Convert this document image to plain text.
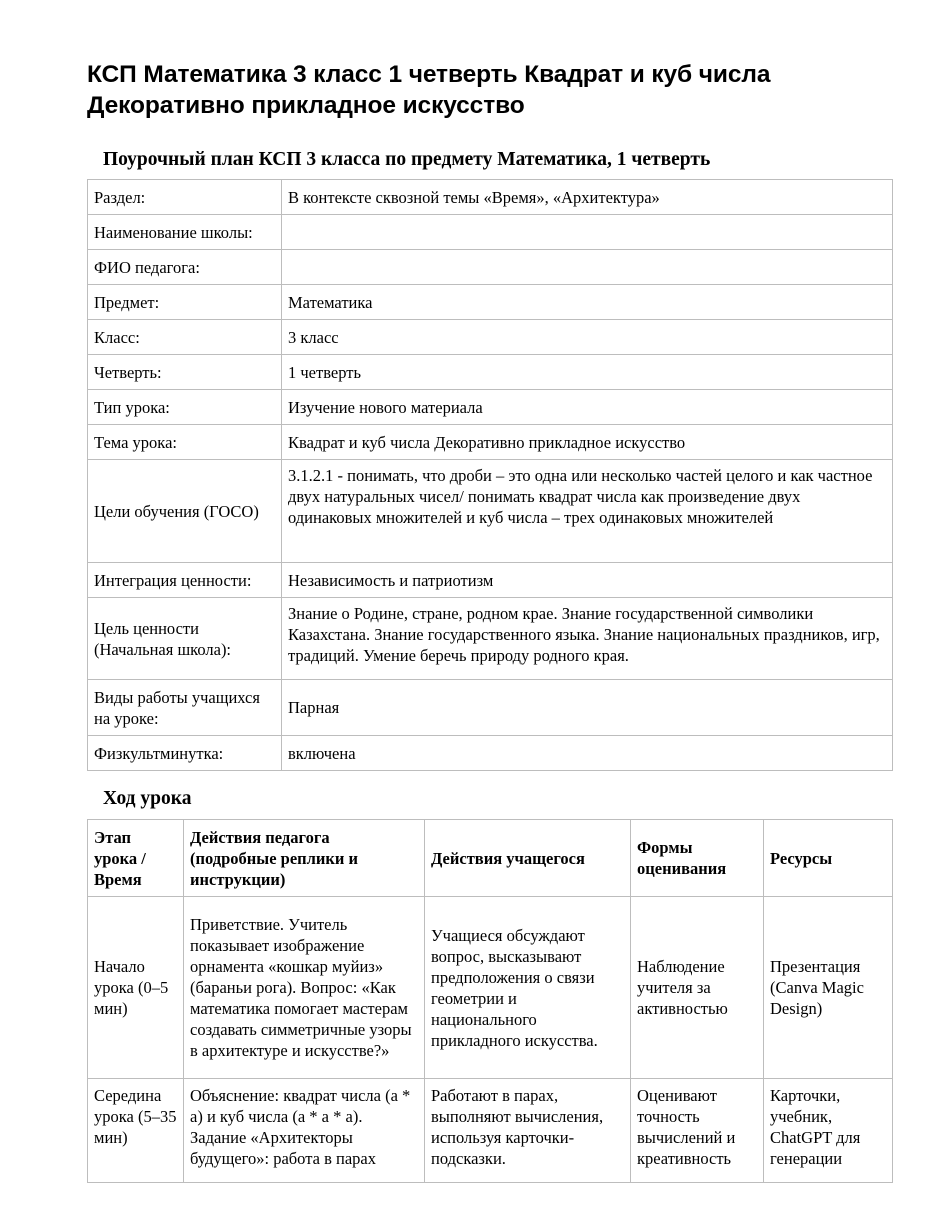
КСП Математика 3 класс 1 четверть Квадрат и куб числа
Декоративно прикладное искусство
Поурочный план КСП 3 класса по предмету Математика, 1 четверть
Раздел:	В контексте сквозной темы «Время», «Архитектура»
Наименование школы:	
ФИО педагога:	
Предмет:	Математика
Класс:	3 класс
Четверть:	1 четверть
Тип урока:	Изучение нового материала
Тема урока:	Квадрат и куб числа Декоративно прикладное искусство
Цели обучения (ГОСО)	3.1.2.1 - понимать, что дроби – это одна или несколько частей целого и как частное двух натуральных чисел/ понимать квадрат числа как произведение двух одинаковых множителей и куб числа – трех одинаковых множителей
Интеграция ценности:	Независимость и патриотизм
Цель ценности (Начальная школа):	Знание о Родине, стране, родном крае. Знание государственной символики Казахстана. Знание государственного языка. Знание национальных праздников, игр, традиций. Умение беречь природу родного края.
Виды работы учащихся на уроке:	Парная
Физкультминутка:	включена
Ход урока
Этап урока / Время	Действия педагога (подробные реплики и инструкции)	Действия учащегося	Формы оценивания	Ресурсы
Начало урока (0–5 мин)	Приветствие. Учитель показывает изображение орнамента «кошкар муйиз» (бараньи рога). Вопрос: «Как математика помогает мастерам создавать симметричные узоры в архитектуре и искусстве?»	Учащиеся обсуждают вопрос, высказывают предположения о связи геометрии и национального прикладного искусства.	Наблюдение учителя за активностью	Презентация (Canva Magic Design)
Середина урока (5–35 мин)	Объяснение: квадрат числа (а * а) и куб числа (а * а * а). Задание «Архитекторы будущего»: работа в парах	Работают в парах, выполняют вычисления, используя карточки-подсказки.	Оценивают точность вычислений и креативность	Карточки, учебник, ChatGPT для генерации
